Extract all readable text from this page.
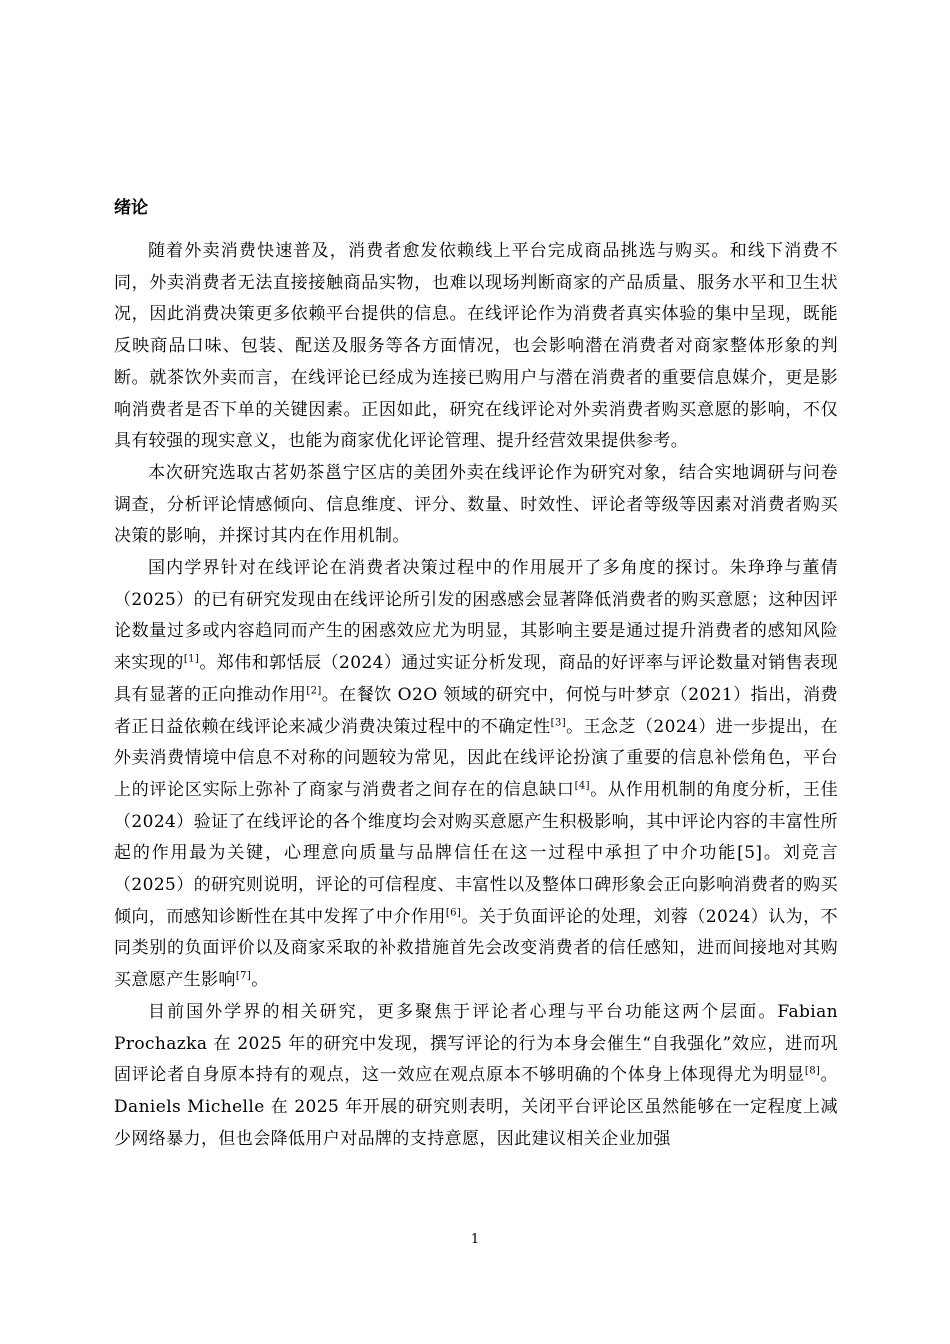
绪论

随着外卖消费快速普及，消费者愈发依赖线上平台完成商品挑选与购买。和线下消费不同，外卖消费者无法直接接触商品实物，也难以现场判断商家的产品质量、服务水平和卫生状况，因此消费决策更多依赖平台提供的信息。在线评论作为消费者真实体验的集中呈现，既能反映商品口味、包装、配送及服务等各方面情况，也会影响潜在消费者对商家整体形象的判断。就茶饮外卖而言，在线评论已经成为连接已购用户与潜在消费者的重要信息媒介，更是影响消费者是否下单的关键因素。正因如此，研究在线评论对外卖消费者购买意愿的影响，不仅具有较强的现实意义，也能为商家优化评论管理、提升经营效果提供参考。

本次研究选取古茗奶茶邕宁区店的美团外卖在线评论作为研究对象，结合实地调研与问卷调查，分析评论情感倾向、信息维度、评分、数量、时效性、评论者等级等因素对消费者购买决策的影响，并探讨其内在作用机制。

国内学界针对在线评论在消费者决策过程中的作用展开了多角度的探讨。朱琤琤与董倩（2025）的已有研究发现由在线评论所引发的困惑感会显著降低消费者的购买意愿；这种因评论数量过多或内容趋同而产生的困惑效应尤为明显，其影响主要是通过提升消费者的感知风险来实现的[1]。郑伟和郭恬辰（2024）通过实证分析发现，商品的好评率与评论数量对销售表现具有显著的正向推动作用[2]。在餐饮 O2O 领域的研究中，何悦与叶梦京（2021）指出，消费者正日益依赖在线评论来减少消费决策过程中的不确定性[3]。王念芝（2024）进一步提出，在外卖消费情境中信息不对称的问题较为常见，因此在线评论扮演了重要的信息补偿角色，平台上的评论区实际上弥补了商家与消费者之间存在的信息缺口[4]。从作用机制的角度分析，王佳（2024）验证了在线评论的各个维度均会对购买意愿产生积极影响，其中评论内容的丰富性所起的作用最为关键，心理意向质量与品牌信任在这一过程中承担了中介功能[5]。刘竞言（2025）的研究则说明，评论的可信程度、丰富性以及整体口碑形象会正向影响消费者的购买倾向，而感知诊断性在其中发挥了中介作用[6]。关于负面评论的处理，刘蓉（2024）认为，不同类别的负面评价以及商家采取的补救措施首先会改变消费者的信任感知，进而间接地对其购买意愿产生影响[7]。

目前国外学界的相关研究，更多聚焦于评论者心理与平台功能这两个层面。Fabian Prochazka 在 2025 年的研究中发现，撰写评论的行为本身会催生“自我强化”效应，进而巩固评论者自身原本持有的观点，这一效应在观点原本不够明确的个体身上体现得尤为明显[8]。Daniels Michelle 在 2025 年开展的研究则表明，关闭平台评论区虽然能够在一定程度上减少网络暴力，但也会降低用户对品牌的支持意愿，因此建议相关企业加强

1
